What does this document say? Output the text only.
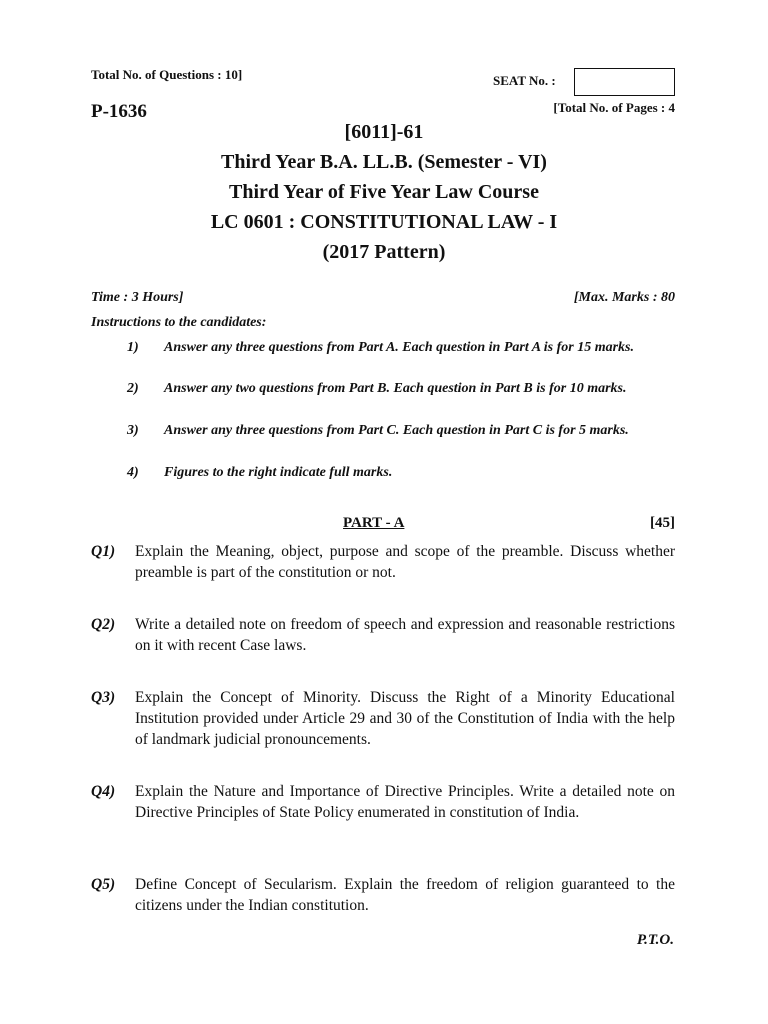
Total No. of Questions : 10]	SEAT No. :
P-1636	[Total No. of Pages : 4
[6011]-61
Third Year B.A. LL.B. (Semester - VI)
Third Year of Five Year Law Course
LC 0601 : CONSTITUTIONAL LAW - I
(2017 Pattern)
Time : 3 Hours]	[Max. Marks : 80
Instructions to the candidates:
1)	Answer any three questions from Part A. Each question in Part A is for 15 marks.
2)	Answer any two questions from Part B. Each question in Part B is for 10 marks.
3)	Answer any three questions from Part C. Each question in Part C is for 5 marks.
4)	Figures to the right indicate full marks.
PART - A	[45]
Q1) Explain the Meaning, object, purpose and scope of the preamble. Discuss whether preamble is part of the constitution or not.
Q2) Write a detailed note on freedom of speech and expression and reasonable restrictions on it with recent Case laws.
Q3) Explain the Concept of Minority. Discuss the Right of a Minority Educational Institution provided under Article 29 and 30 of the Constitution of India with the help of landmark judicial pronouncements.
Q4) Explain the Nature and Importance of Directive Principles. Write a detailed note on Directive Principles of State Policy enumerated in constitution of India.
Q5) Define Concept of Secularism. Explain the freedom of religion guaranteed to the citizens under the Indian constitution.
P.T.O.
